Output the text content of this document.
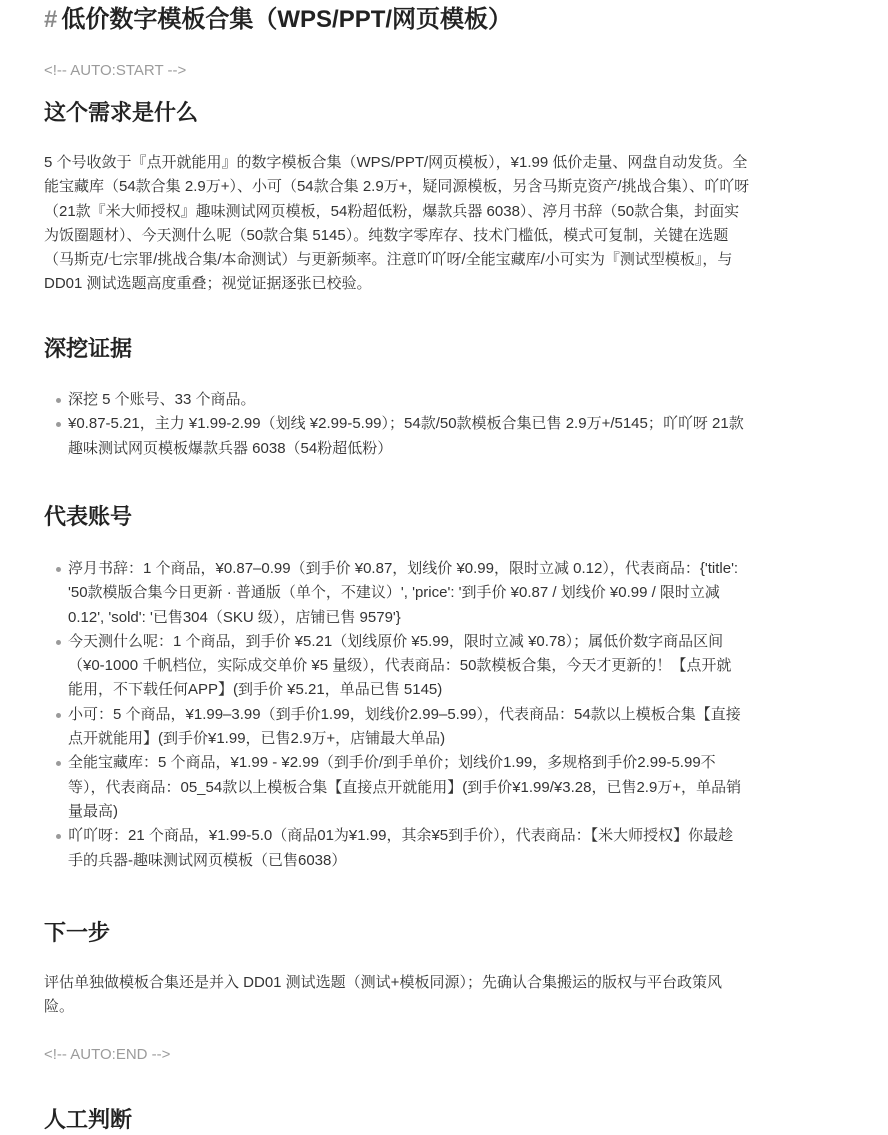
# 低价数字模板合集（WPS/PPT/网页模板）
<!-- AUTO:START -->
这个需求是什么
5 个号收敛于『点开就能用』的数字模板合集（WPS/PPT/网页模板），¥1.99 低价走量、网盘自动发货。全能宝藏库（54款合集 2.9万+）、小可（54款合集 2.9万+，疑同源模板，另含马斯克资产/挑战合集）、吖吖呀（21款『米大师授权』趣味测试网页模板，54粉超低粉，爆款兵器 6038）、渟月书辞（50款合集，封面实为饭圈题材）、今天测什么呢（50款合集 5145）。纯数字零库存、技术门槛低，模式可复制，关键在选题（马斯克/七宗罪/挑战合集/本命测试）与更新频率。注意吖吖呀/全能宝藏库/小可实为『测试型模板』，与 DD01 测试选题高度重叠；视觉证据逐张已校验。
深挖证据
深挖 5 个账号、33 个商品。
¥0.87-5.21，主力 ¥1.99-2.99（划线 ¥2.99-5.99）；54款/50款模板合集已售 2.9万+/5145；吖吖呀 21款趣味测试网页模板爆款兵器 6038（54粉超低粉）
代表账号
渟月书辞：1 个商品，¥0.87–0.99（到手价 ¥0.87，划线价 ¥0.99，限时立减 0.12），代表商品：{'title': '50款模版合集今日更新 · 普通版（单个，不建议）', 'price': '到手价 ¥0.87 / 划线价 ¥0.99 / 限时立减 0.12', 'sold': '已售304（SKU 级），店铺已售 9579'}
今天测什么呢：1 个商品，到手价 ¥5.21（划线原价 ¥5.99，限时立减 ¥0.78）；属低价数字商品区间（¥0-1000 千帆档位，实际成交单价 ¥5 量级），代表商品：50款模板合集，今天才更新的！【点开就能用，不下载任何APP】(到手价 ¥5.21，单品已售 5145)
小可：5 个商品，¥1.99–3.99（到手价1.99，划线价2.99–5.99），代表商品：54款以上模板合集【直接点开就能用】(到手价¥1.99，已售2.9万+，店铺最大单品)
全能宝藏库：5 个商品，¥1.99 - ¥2.99（到手价/到手单价；划线价1.99，多规格到手价2.99-5.99不等），代表商品：05_54款以上模板合集【直接点开就能用】(到手价¥1.99/¥3.28，已售2.9万+，单品销量最高)
吖吖呀：21 个商品，¥1.99-5.0（商品01为¥1.99，其余¥5到手价），代表商品：【米大师授权】你最趁手的兵器-趣味测试网页模板（已售6038）
下一步
评估单独做模板合集还是并入 DD01 测试选题（测试+模板同源）；先确认合集搬运的版权与平台政策风险。
<!-- AUTO:END -->
人工判断
